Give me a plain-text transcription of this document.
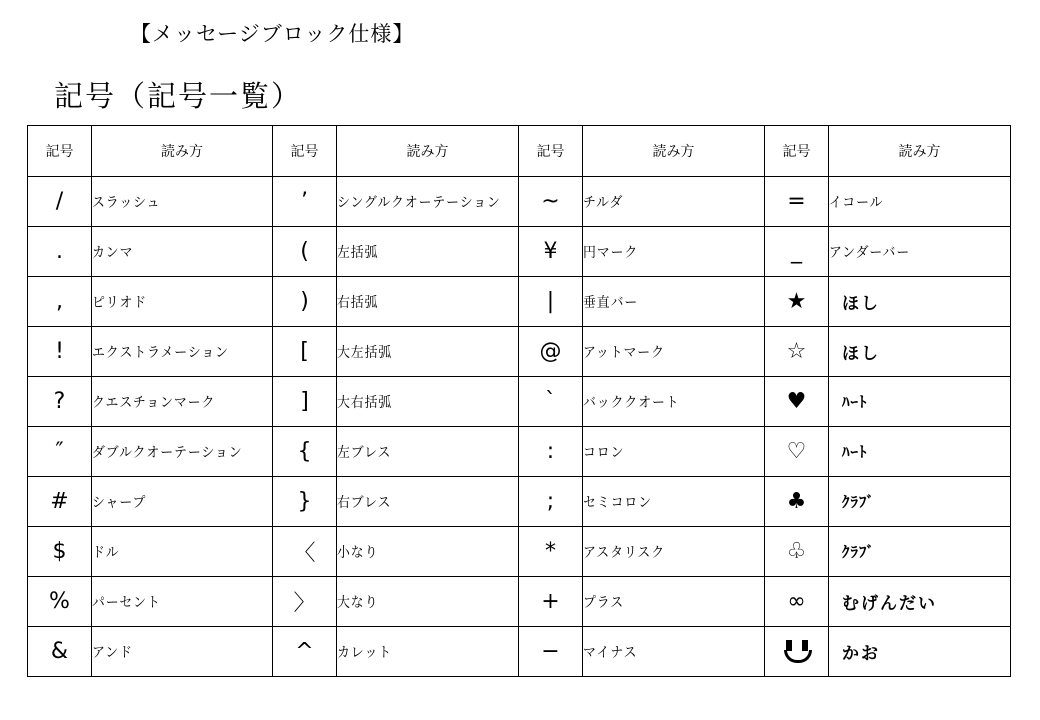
【メッセージブロック仕様】
記号（記号一覧）
記号	読み方	記号	読み方	記号	読み方	記号	読み方
/	スラッシュ	’	シングルクオーテーション	~	チルダ	=	イコール
.	カンマ	(	左括弧	¥	円マーク	_	アンダーバー
,	ピリオド	)	右括弧	|	垂直バー	★	ほし
!	エクストラメーション	[	大左括弧	@	アットマーク	☆	ほし
?	クエスチョンマーク	]	大右括弧	`	バッククオート	♥	ﾊｰﾄ
″	ダブルクオーテーション	{	左ブレス	:	コロン	♡	ﾊｰﾄ
#	シャープ	}	右ブレス	;	セミコロン	♣	ｸﾗﾌﾞ
$	ドル	〈	小なり	*	アスタリスク	♧	ｸﾗﾌﾞ
%	パーセント	〉	大なり	+	プラス	∞	むげんだい
&	アンド	^	カレット	−	マイナス		かお
